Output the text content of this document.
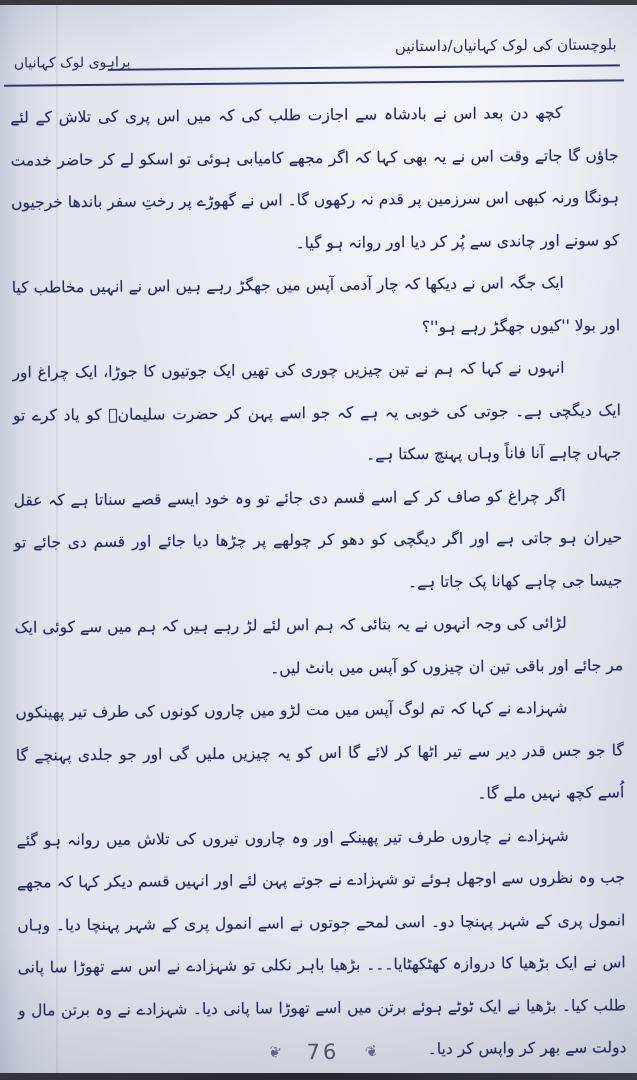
بلوچستان کی لوک کہانیاں/داستانیں
براہوی لوک کہانیاں

کچھ دن بعد اس نے بادشاہ سے اجازت طلب کی کہ میں اس پری کی تلاش کے لئے جاؤں گا جاتے وقت اس نے یہ بھی کہا کہ اگر مجھے کامیابی ہوئی تو اسکو لے کر حاضر خدمت ہونگا ورنہ کبھی اس سرزمین پر قدم نہ رکھوں گا۔ اس نے گھوڑے پر رختِ سفر باندھا خرجیوں کو سونے اور چاندی سے پُر کر دیا اور روانہ ہو گیا۔

ایک جگہ اس نے دیکھا کہ چار آدمی آپس میں جھگڑ رہے ہیں اس نے انہیں مخاطب کیا اور بولا ''کیوں جھگڑ رہے ہو''؟

انہوں نے کہا کہ ہم نے تین چیزیں چوری کی تھیں ایک جوتیوں کا جوڑا، ایک چراغ اور ایک دیگچی ہے۔ جوتی کی خوبی یہ ہے کہ جو اسے پہن کر حضرت سلیمانؑ کو یاد کرے تو جہاں چاہے آنا فاناً وہاں پہنچ سکتا ہے۔

اگر چراغ کو صاف کر کے اسے قسم دی جائے تو وہ خود ایسے قصے سناتا ہے کہ عقل حیران ہو جاتی ہے اور اگر دیگچی کو دھو کر چولھے پر چڑھا دیا جائے اور قسم دی جائے تو جیسا جی چاہے کھانا پک جاتا ہے۔

لڑائی کی وجہ انہوں نے یہ بتائی کہ ہم اس لئے لڑ رہے ہیں کہ ہم میں سے کوئی ایک مر جائے اور باقی تین ان چیزوں کو آپس میں بانٹ لیں۔

شہزادے نے کہا کہ تم لوگ آپس میں مت لڑو میں چاروں کونوں کی طرف تیر پھینکوں گا جو جس قدر دیر سے تیر اٹھا کر لائے گا اس کو یہ چیزیں ملیں گی اور جو جلدی پہنچے گا اُسے کچھ نہیں ملے گا۔

شہزادے نے چاروں طرف تیر پھینکے اور وہ چاروں تیروں کی تلاش میں روانہ ہو گئے جب وہ نظروں سے اوجھل ہوئے تو شہزادے نے جوتے پہن لئے اور انہیں قسم دیکر کہا کہ مجھے انمول پری کے شہر پہنچا دو۔ اسی لمحے جوتوں نے اسے انمول پری کے شہر پہنچا دیا۔ وہاں اس نے ایک بڑھیا کا دروازہ کھٹکھٹایا۔۔۔ بڑھیا باہر نکلی تو شہزادے نے اس سے تھوڑا سا پانی طلب کیا۔ بڑھیا نے ایک ٹوٹے ہوئے برتن میں اسے تھوڑا سا پانی دیا۔ شہزادے نے وہ برتن مال و دولت سے بھر کر واپس کر دیا۔

❦ 76 ❦
